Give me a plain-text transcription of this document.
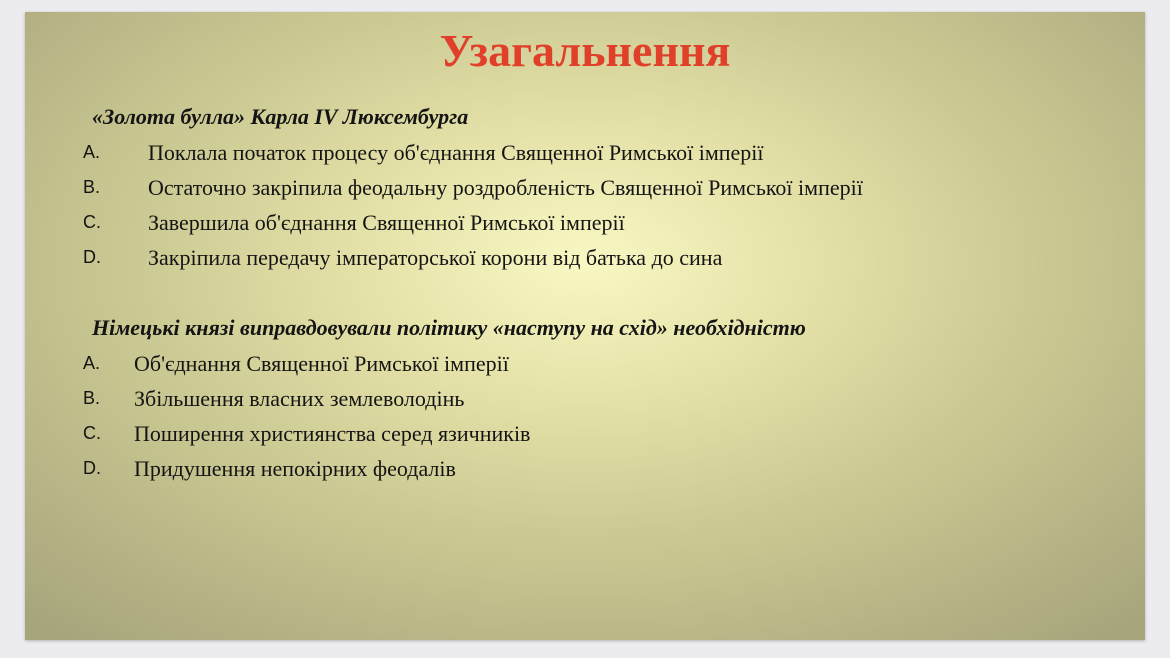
Узагальнення
«Золота булла» Карла IV Люксембурга
A. Поклала початок процесу об'єднання Священної Римської імперії
B. Остаточно закріпила феодальну роздробленість Священної Римської імперії
C. Завершила об'єднання Священної Римської імперії
D. Закріпила передачу імператорської корони від батька до сина
Німецькі князі виправдовували політику «наступу на схід» необхідністю
A. Об'єднання Священної Римської імперії
B. Збільшення власних землеволодінь
C. Поширення християнства серед язичників
D. Придушення непокірних феодалів
